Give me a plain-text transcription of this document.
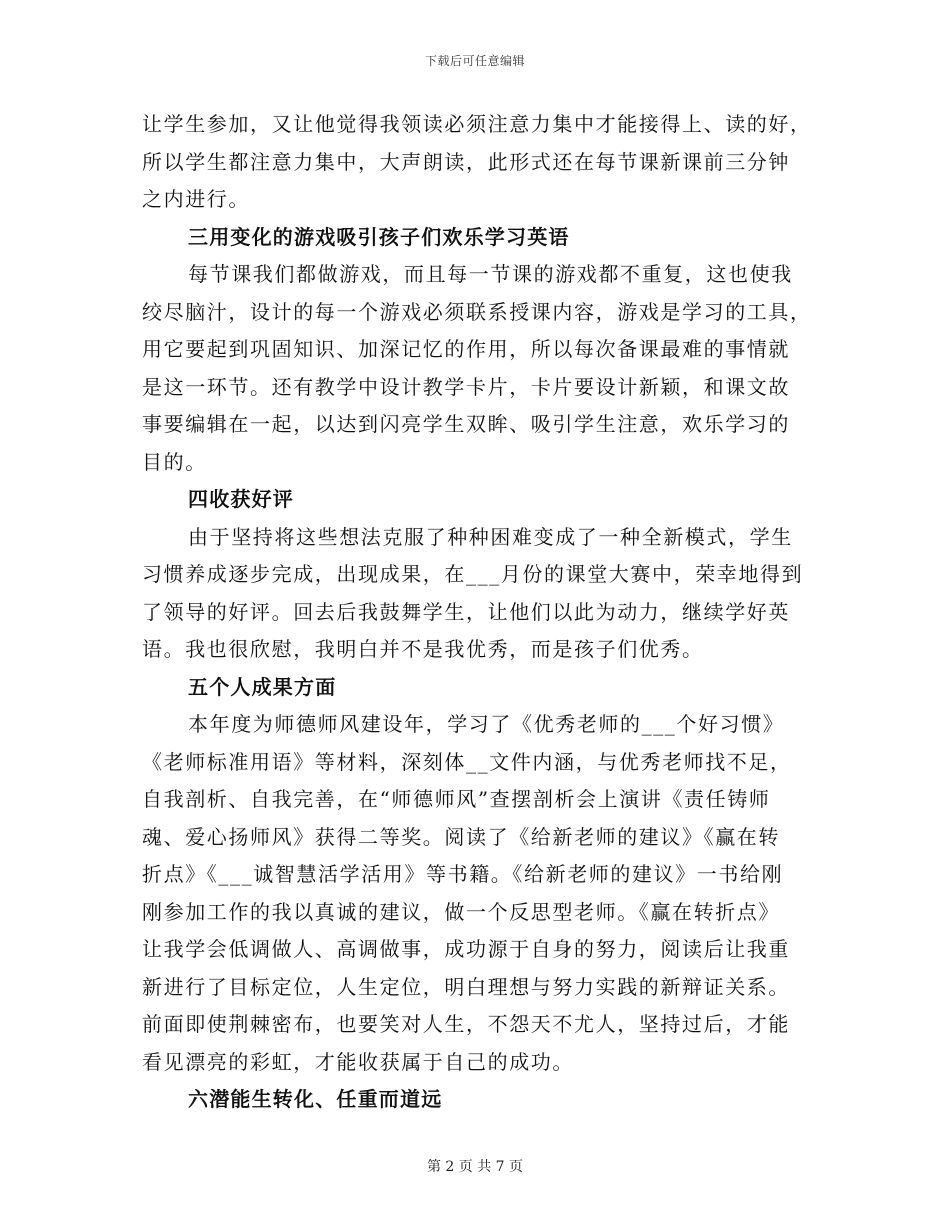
下载后可任意编辑
让学生参加，又让他觉得我领读必须注意力集中才能接得上、读的好，
所以学生都注意力集中，大声朗读，此形式还在每节课新课前三分钟
之内进行。
三用变化的游戏吸引孩子们欢乐学习英语
每节课我们都做游戏，而且每一节课的游戏都不重复，这也使我
绞尽脑汁，设计的每一个游戏必须联系授课内容，游戏是学习的工具，
用它要起到巩固知识、加深记忆的作用，所以每次备课最难的事情就
是这一环节。还有教学中设计教学卡片，卡片要设计新颖，和课文故
事要编辑在一起，以达到闪亮学生双眸、吸引学生注意，欢乐学习的
目的。
四收获好评
由于坚持将这些想法克服了种种困难变成了一种全新模式，学生
习惯养成逐步完成，出现成果，在___月份的课堂大赛中，荣幸地得到
了领导的好评。回去后我鼓舞学生，让他们以此为动力，继续学好英
语。我也很欣慰，我明白并不是我优秀，而是孩子们优秀。
五个人成果方面
本年度为师德师风建设年，学习了《优秀老师的___个好习惯》
《老师标准用语》等材料，深刻体__文件内涵，与优秀老师找不足，
自我剖析、自我完善，在“师德师风”查摆剖析会上演讲《责任铸师
魂、爱心扬师风》获得二等奖。阅读了《给新老师的建议》《赢在转
折点》《___诚智慧活学活用》等书籍。《给新老师的建议》一书给刚
刚参加工作的我以真诚的建议，做一个反思型老师。《赢在转折点》
让我学会低调做人、高调做事，成功源于自身的努力，阅读后让我重
新进行了目标定位，人生定位，明白理想与努力实践的新辩证关系。
前面即使荆棘密布，也要笑对人生，不怨天不尤人，坚持过后，才能
看见漂亮的彩虹，才能收获属于自己的成功。
六潜能生转化、任重而道远
第 2 页 共 7 页
